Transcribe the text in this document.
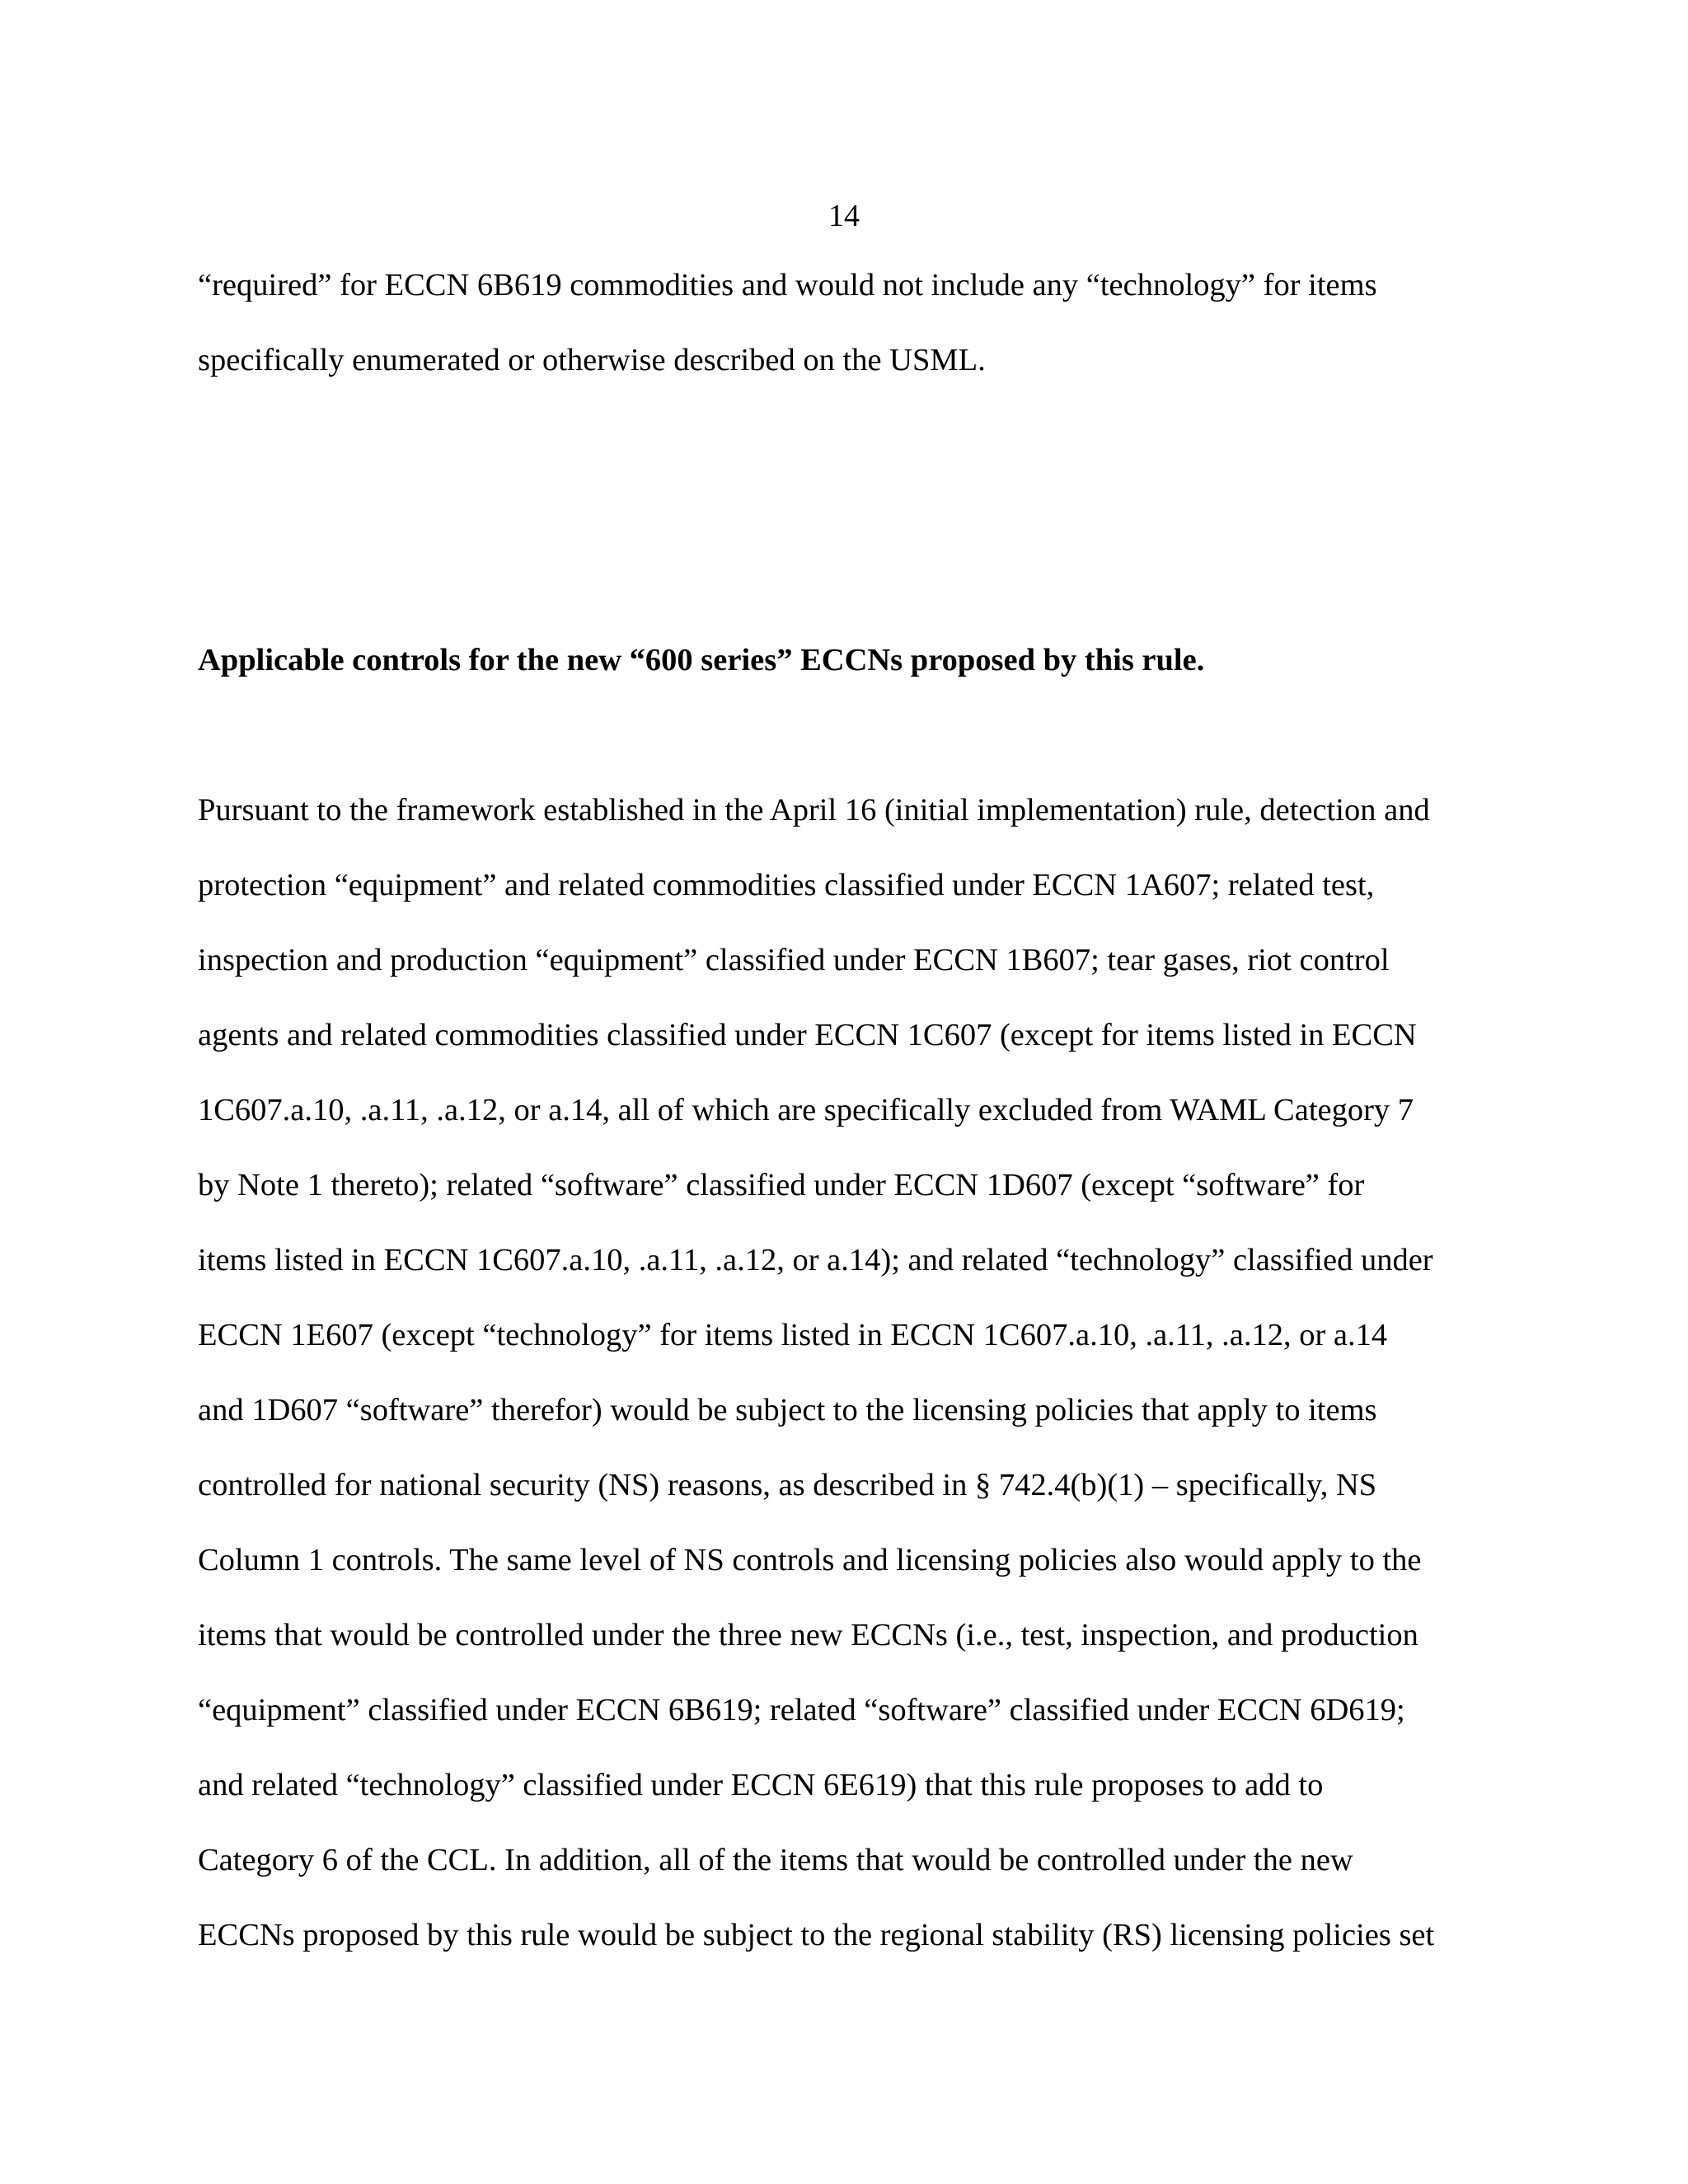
14
“required” for ECCN 6B619 commodities and would not include any “technology” for items
specifically enumerated or otherwise described on the USML.
Applicable controls for the new “600 series” ECCNs proposed by this rule.
Pursuant to the framework established in the April 16 (initial implementation) rule, detection and
protection “equipment” and related commodities classified under ECCN 1A607; related test,
inspection and production “equipment” classified under ECCN 1B607; tear gases, riot control
agents and related commodities classified under ECCN 1C607 (except for items listed in ECCN
1C607.a.10, .a.11, .a.12, or a.14, all of which are specifically excluded from WAML Category 7
by Note 1 thereto); related “software” classified under ECCN 1D607 (except “software” for
items listed in ECCN 1C607.a.10, .a.11, .a.12, or a.14); and related “technology” classified under
ECCN 1E607 (except “technology” for items listed in ECCN 1C607.a.10, .a.11, .a.12, or a.14
and 1D607 “software” therefor) would be subject to the licensing policies that apply to items
controlled for national security (NS) reasons, as described in § 742.4(b)(1) – specifically, NS
Column 1 controls. The same level of NS controls and licensing policies also would apply to the
items that would be controlled under the three new ECCNs (i.e., test, inspection, and production
“equipment” classified under ECCN 6B619; related “software” classified under ECCN 6D619;
and related “technology” classified under ECCN 6E619) that this rule proposes to add to
Category 6 of the CCL. In addition, all of the items that would be controlled under the new
ECCNs proposed by this rule would be subject to the regional stability (RS) licensing policies set
